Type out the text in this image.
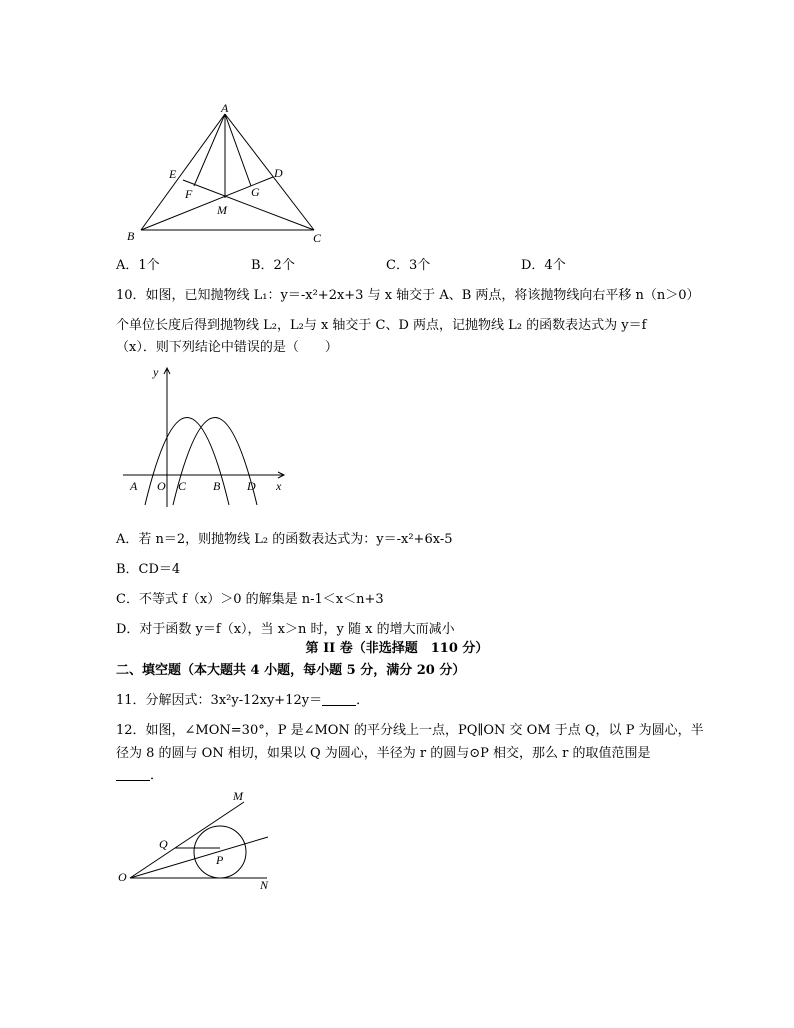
A
E	D
F	G
M
B	C
A．1个	B．2个	C．3个	D．4个
10．如图，已知抛物线 L₁：y＝-x²+2x+3 与 x 轴交于 A、B 两点，将该抛物线向右平移 n（n＞0）
个单位长度后得到抛物线 L₂，L₂与 x 轴交于 C、D 两点，记抛物线 L₂ 的函数表达式为 y＝f
（x）．则下列结论中错误的是（　　）
y
x
A O C B D
A．若 n＝2，则抛物线 L₂ 的函数表达式为：y＝-x²+6x-5
B．CD＝4
C．不等式 f（x）＞0 的解集是 n-1＜x＜n+3
D．对于函数 y＝f（x），当 x＞n 时，y 随 x 的增大而减小
第 II 卷（非选择题　110 分）
二、填空题（本大题共 4 小题，每小题 5 分，满分 20 分）
11．分解因式：3x²y-12xy+12y＝	．
12．如图，∠MON=30°，P 是∠MON 的平分线上一点，PQ∥ON 交 OM 于点 Q，以 P 为圆心，半
径为 8 的圆与 ON 相切，如果以 Q 为圆心，半径为 r 的圆与⊙P 相交，那么 r 的取值范围是
．
M
Q
P
O
N
